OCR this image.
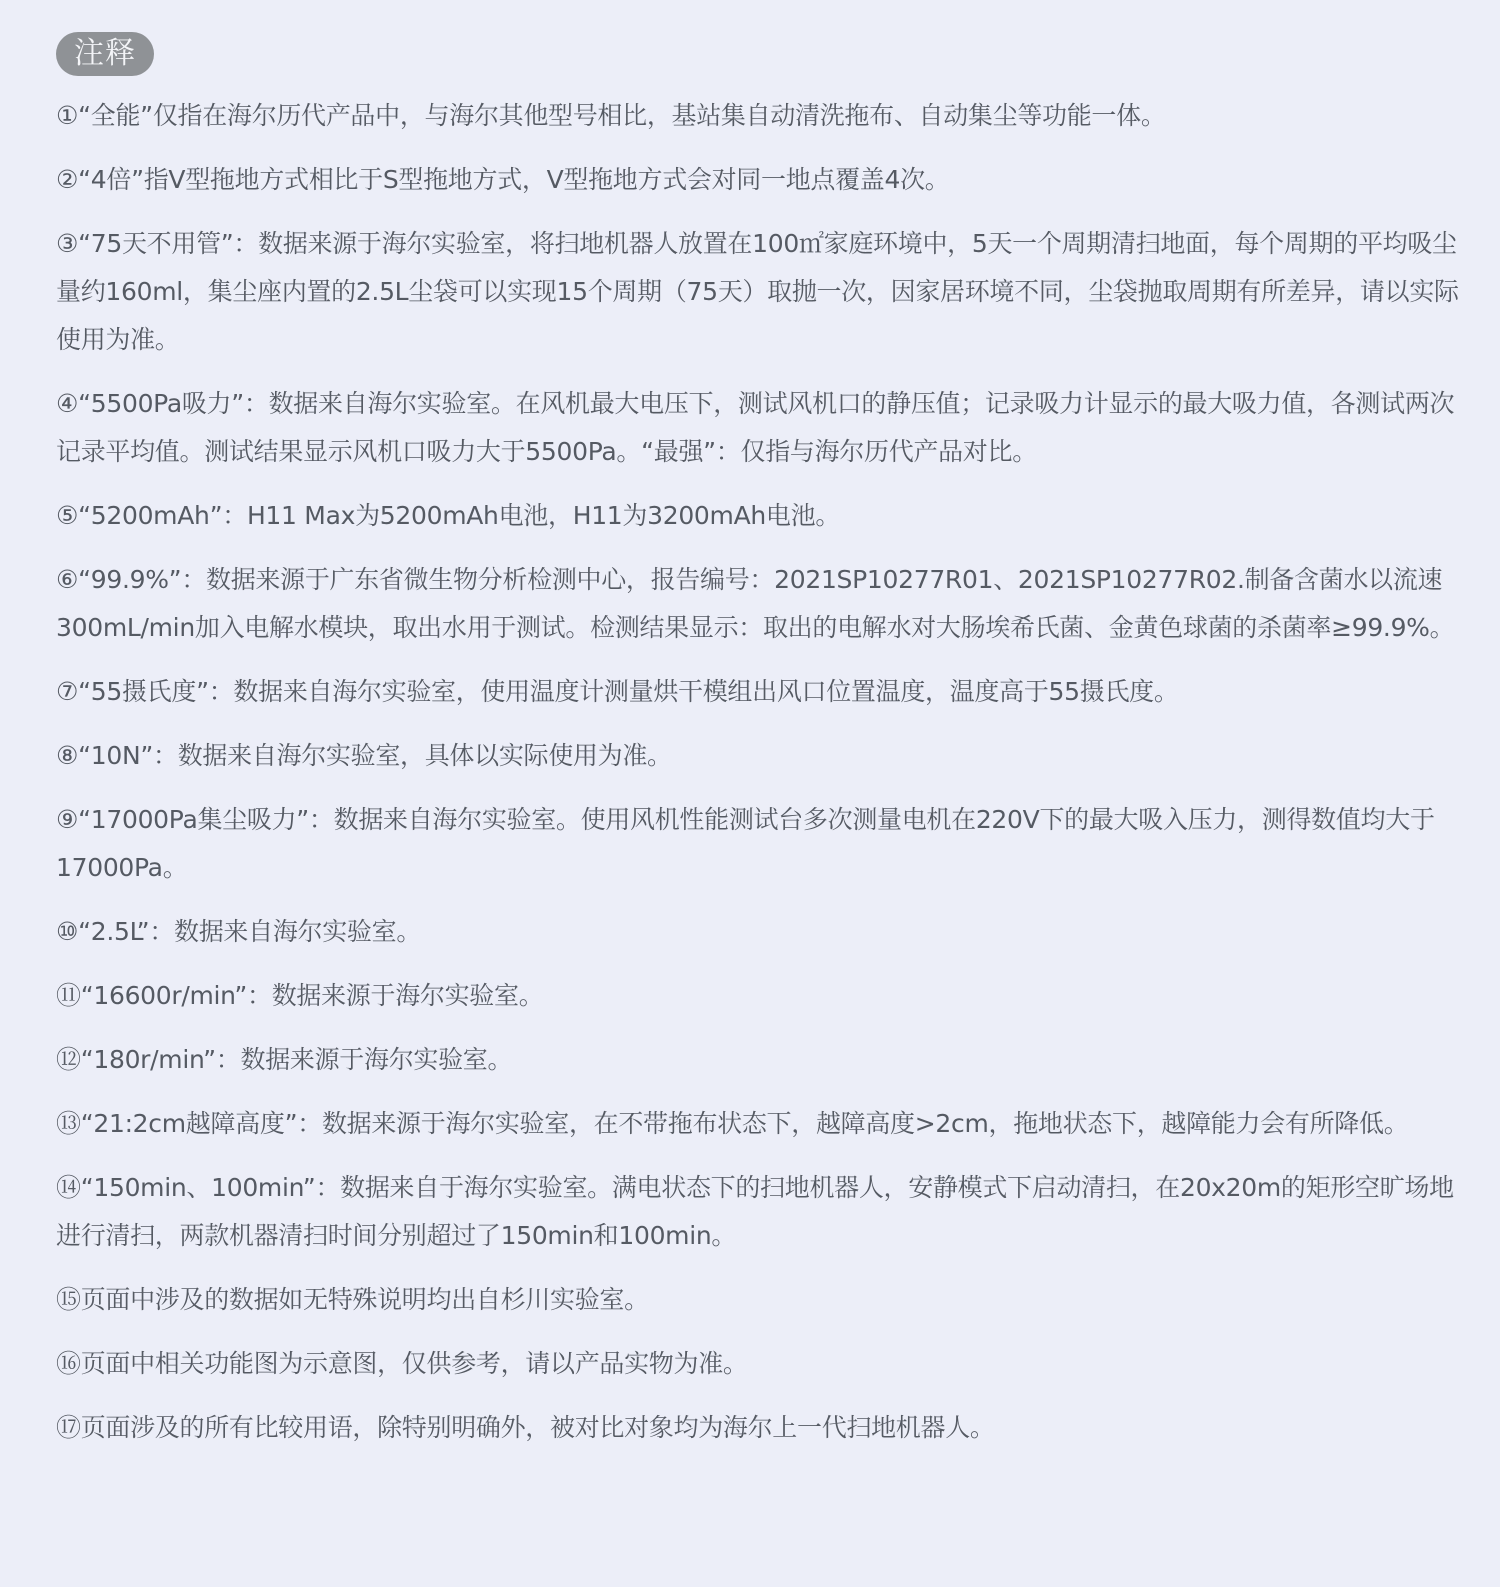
注释
①“全能”仅指在海尔历代产品中，与海尔其他型号相比，基站集自动清洗拖布、自动集尘等功能一体。
②“4倍”指V型拖地方式相比于S型拖地方式，V型拖地方式会对同一地点覆盖4次。
③“75天不用管”：数据来源于海尔实验室，将扫地机器人放置在100㎡家庭环境中，5天一个周期清扫地面，每个周期的平均吸尘量约160ml，集尘座内置的2.5L尘袋可以实现15个周期（75天）取抛一次，因家居环境不同，尘袋抛取周期有所差异，请以实际使用为准。
④“5500Pa吸力”：数据来自海尔实验室。在风机最大电压下，测试风机口的静压值；记录吸力计显示的最大吸力值，各测试两次记录平均值。测试结果显示风机口吸力大于5500Pa。“最强”：仅指与海尔历代产品对比。
⑤“5200mAh”：H11 Max为5200mAh电池，H11为3200mAh电池。
⑥“99.9%”：数据来源于广东省微生物分析检测中心，报告编号：2021SP10277R01、2021SP10277R02.制备含菌水以流速300mL/min加入电解水模块，取出水用于测试。检测结果显示：取出的电解水对大肠埃希氏菌、金黄色球菌的杀菌率≥99.9%。
⑦“55摄氏度”：数据来自海尔实验室，使用温度计测量烘干模组出风口位置温度，温度高于55摄氏度。
⑧“10N”：数据来自海尔实验室，具体以实际使用为准。
⑨“17000Pa集尘吸力”：数据来自海尔实验室。使用风机性能测试台多次测量电机在220V下的最大吸入压力，测得数值均大于17000Pa。
⑩“2.5L”：数据来自海尔实验室。
⑪“16600r/min”：数据来源于海尔实验室。
⑫“180r/min”：数据来源于海尔实验室。
⑬“21:2cm越障高度”：数据来源于海尔实验室，在不带拖布状态下，越障高度>2cm，拖地状态下，越障能力会有所降低。
⑭“150min、100min”：数据来自于海尔实验室。满电状态下的扫地机器人，安静模式下启动清扫，在20x20m的矩形空旷场地进行清扫，两款机器清扫时间分别超过了150min和100min。
⑮页面中涉及的数据如无特殊说明均出自杉川实验室。
⑯页面中相关功能图为示意图，仅供参考，请以产品实物为准。
⑰页面涉及的所有比较用语，除特别明确外，被对比对象均为海尔上一代扫地机器人。
